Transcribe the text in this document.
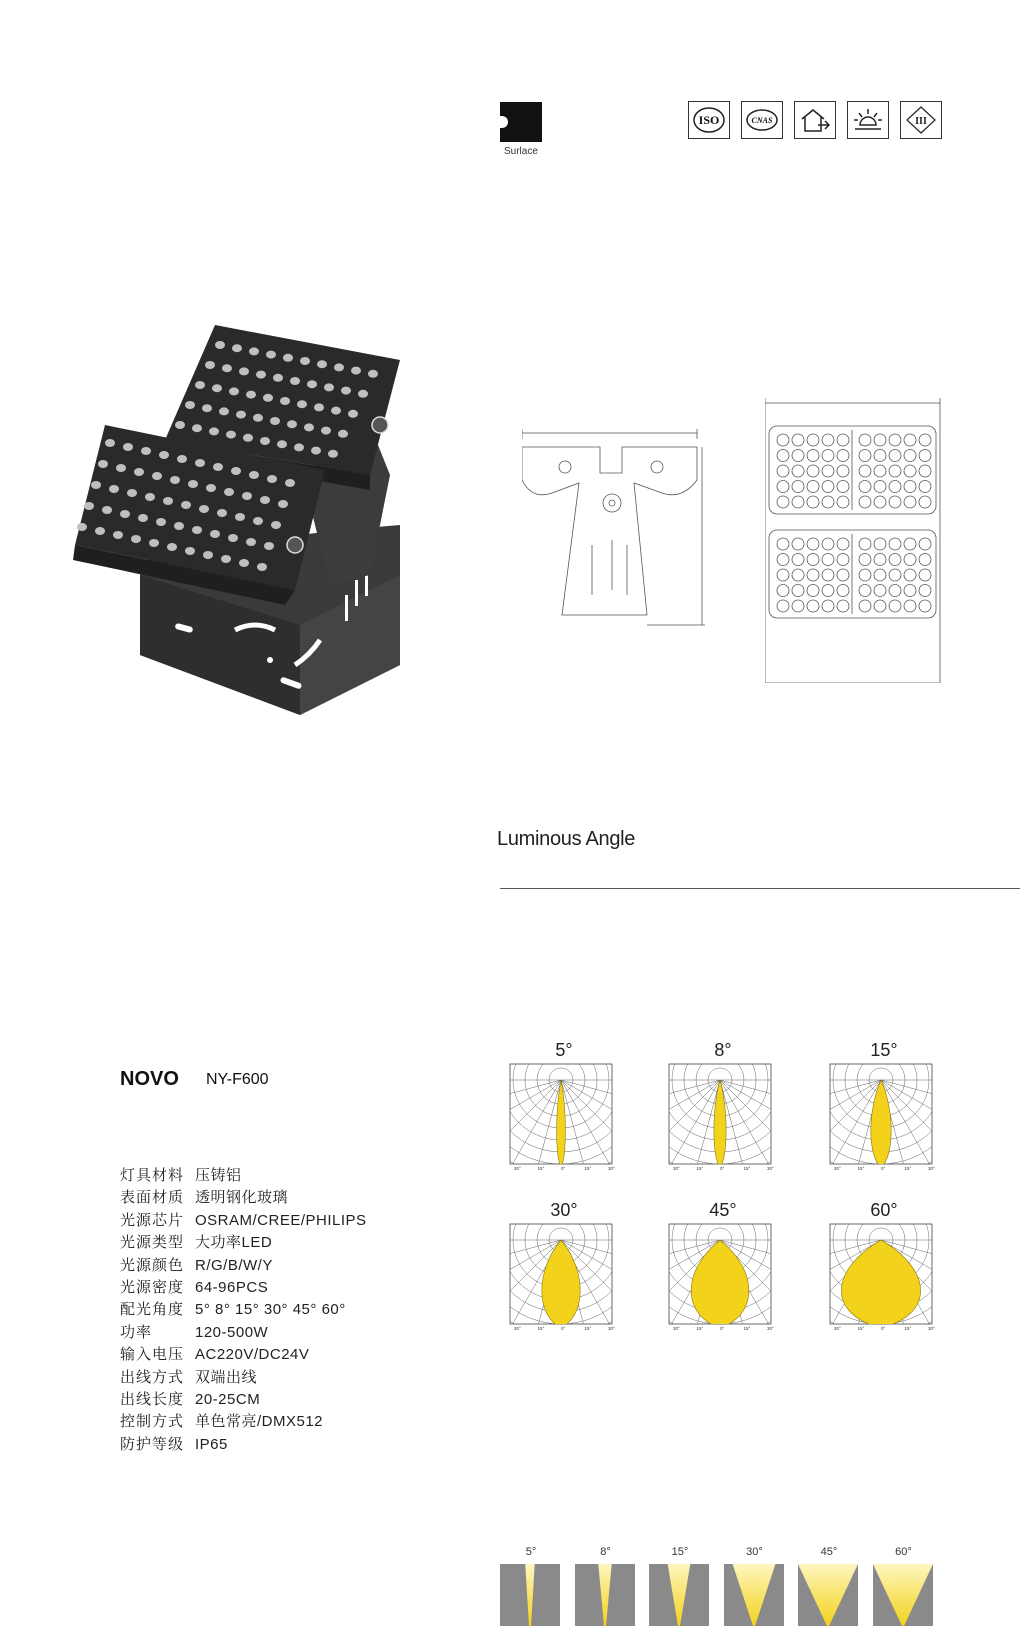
Surlace
ISO	CNAS	III
Luminous Angle
NOVO NY-F600
灯具材料 压铸铝
表面材质 透明钢化玻璃
光源芯片 OSRAM/CREE/PHILIPS
光源类型 大功率LED
光源颜色 R/G/B/W/Y
光源密度 64-96PCS
配光角度 5° 8° 15° 30° 45° 60°
功率	120-500W
输入电压 AC220V/DC24V
出线方式 双端出线
出线长度 20-25CM
控制方式 单色常亮/DMX512
防护等级 IP65
5°
30°	15°	0°	15°	30°
8°
30°	15°	0°	15°	30°
15°
30°	15°	0°	15°	30°
30°
30°	15°	0°	15°	30°
45°
30°	15°	0°	15°	30°
60°
30°	15°	0°	15°	30°
5°	8°	15°	30°	45°	60°
